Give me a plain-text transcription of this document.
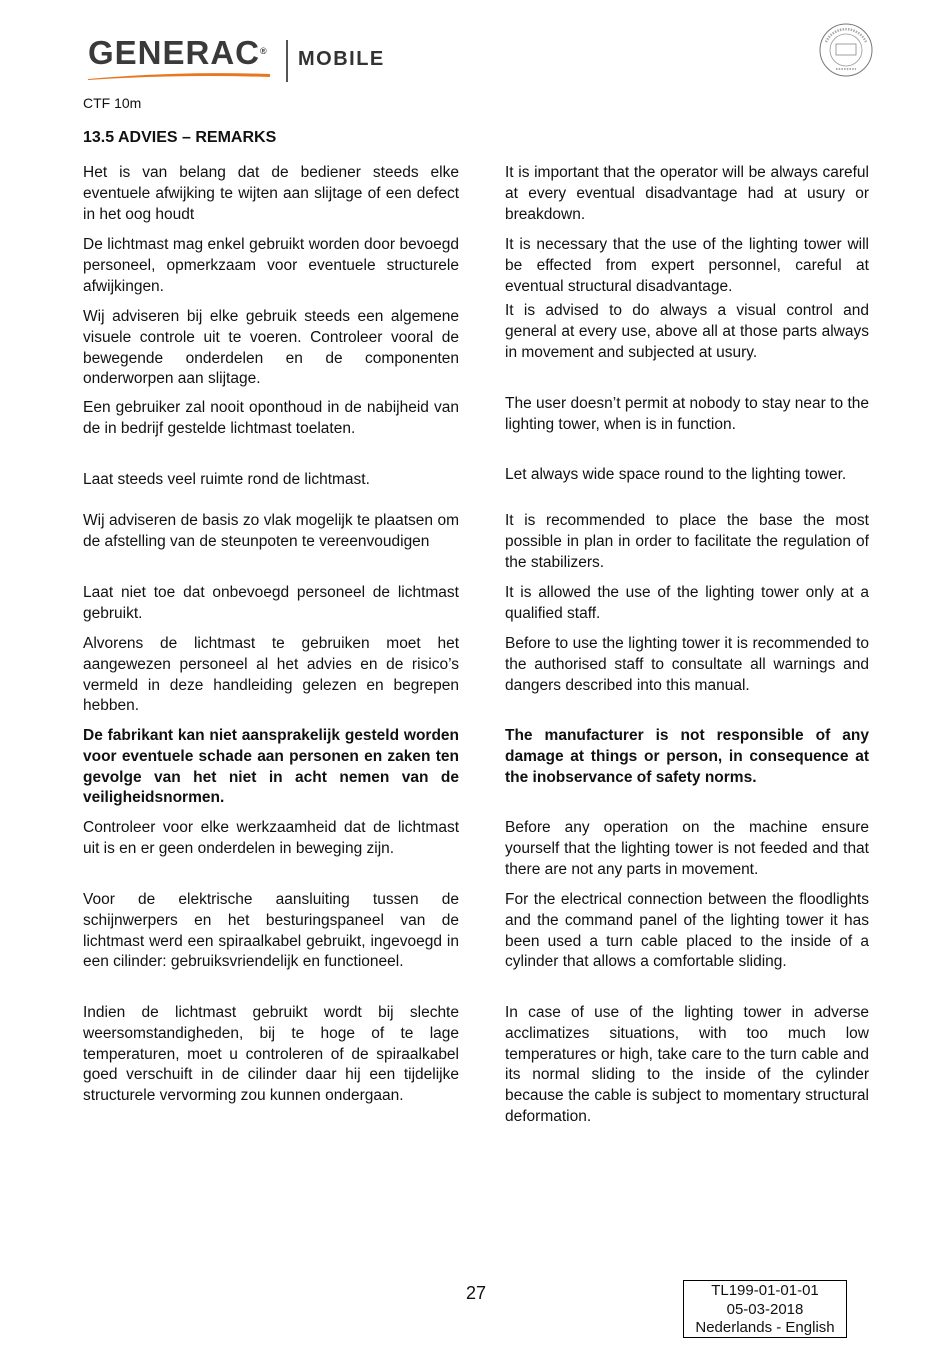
GENERAC® MOBILE
CTF 10m
13.5 ADVIES – REMARKS

Het is van belang dat de bediener steeds elke eventuele afwijking te wijten aan slijtage of een defect in het oog houdt

De lichtmast mag enkel gebruikt worden door bevoegd personeel, opmerkzaam voor eventuele structurele afwijkingen.

Wij adviseren bij elke gebruik steeds een algemene visuele controle uit te voeren. Controleer vooral de bewegende onderdelen en de componenten onderworpen aan slijtage.

Een gebruiker zal nooit oponthoud in de nabijheid van de in bedrijf gestelde lichtmast toelaten.

Laat steeds veel ruimte rond de lichtmast.

Wij adviseren de basis zo vlak mogelijk te plaatsen om de afstelling van de steunpoten te vereenvoudigen

Laat niet toe dat onbevoegd personeel de lichtmast gebruikt.

Alvorens de lichtmast te gebruiken moet het aangewezen personeel al het advies en de risico’s vermeld in deze handleiding gelezen en begrepen hebben.

De fabrikant kan niet aansprakelijk gesteld worden voor eventuele schade aan personen en zaken ten gevolge van het niet in acht nemen van de veiligheidsnormen.

Controleer voor elke werkzaamheid dat de lichtmast uit is en er geen onderdelen in beweging zijn.

Voor de elektrische aansluiting tussen de schijnwerpers en het besturingspaneel van de lichtmast werd een spiraalkabel gebruikt, ingevoegd in een cilinder: gebruiksvriendelijk en functioneel.

Indien de lichtmast gebruikt wordt bij slechte weersomstandigheden, bij te hoge of te lage temperaturen, moet u controleren of de spiraalkabel goed verschuift in de cilinder daar hij een tijdelijke structurele vervorming zou kunnen ondergaan.

It is important that the operator will be always careful at every eventual disadvantage had at usury or breakdown.

It is necessary that the use of the lighting tower will be effected from expert personnel, careful at eventual structural disadvantage.

It is advised to do always a visual control and general at every use, above all at those parts always in movement and subjected at usury.

The user doesn’t permit at nobody to stay near to the lighting tower, when is in function.

Let always wide space round to the lighting tower.

It is recommended to place the base the most possible in plan in order to facilitate the regulation of the stabilizers.

It is allowed the use of the lighting tower only at a qualified staff.

Before to use the lighting tower it is recommended to the authorised staff to consultate all warnings and dangers described into this manual.

The manufacturer is not responsible of any damage at things or person, in consequence at the inobservance of safety norms.

Before any operation on the machine ensure yourself that the lighting tower is not feeded and that there are not any parts in movement.

For the electrical connection between the floodlights and the command panel of the lighting tower it has been used a turn cable placed to the inside of a cylinder that allows a comfortable sliding.

In case of use of the lighting tower in adverse acclimatizes situations, with too much low temperatures or high, take care to the turn cable and its normal sliding to the inside of the cylinder because the cable is subject to momentary structural deformation.

27	TL199-01-01-01
05-03-2018
Nederlands - English
